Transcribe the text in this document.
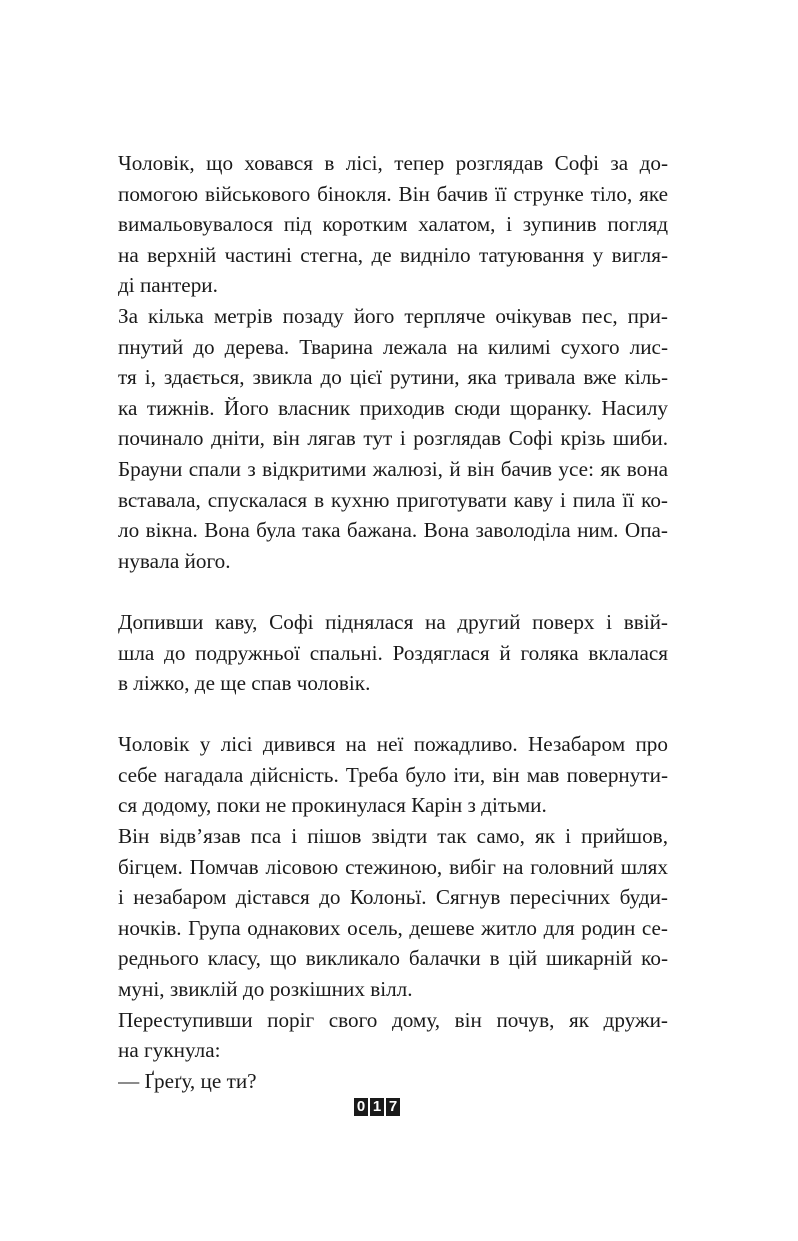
Чоловік, що ховався в лісі, тепер розглядав Софі за до-
помогою військового бінокля. Він бачив її струнке тіло, яке
вимальовувалося під коротким халатом, і зупинив погляд
на верхній частині стегна, де видніло татуювання у вигля-
ді пантери.

За кілька метрів позаду його терпляче очікував пес, при-
пнутий до дерева. Тварина лежала на килимі сухого лис-
тя і, здається, звикла до цієї рутини, яка тривала вже кіль-
ка тижнів. Його власник приходив сюди щоранку. Насилу
починало дніти, він лягав тут і розглядав Софі крізь шиби.
Брауни спали з відкритими жалюзі, й він бачив усе: як вона
вставала, спускалася в кухню приготувати каву і пила її ко-
ло вікна. Вона була така бажана. Вона заволоділа ним. Опа-
нувала його.

Допивши каву, Софі піднялася на другий поверх і ввій-
шла до подружньої спальні. Роздяглася й голяка вклалася
в ліжко, де ще спав чоловік.

Чоловік у лісі дивився на неї пожадливо. Незабаром про
себе нагадала дійсність. Треба було іти, він мав повернути-
ся додому, поки не прокинулася Карін з дітьми.

Він відв’язав пса і пішов звідти так само, як і прийшов,
бігцем. Помчав лісовою стежиною, вибіг на головний шлях
і незабаром дістався до Колоньї. Сягнув пересічних буди-
ночків. Група однакових осель, дешеве житло для родин се-
реднього класу, що викликало балачки в цій шикарній ко-
муні, звиклій до розкішних вілл.

Переступивши поріг свого дому, він почув, як дружи-
на гукнула:

— Ґреґу, це ти?

0 1 7
